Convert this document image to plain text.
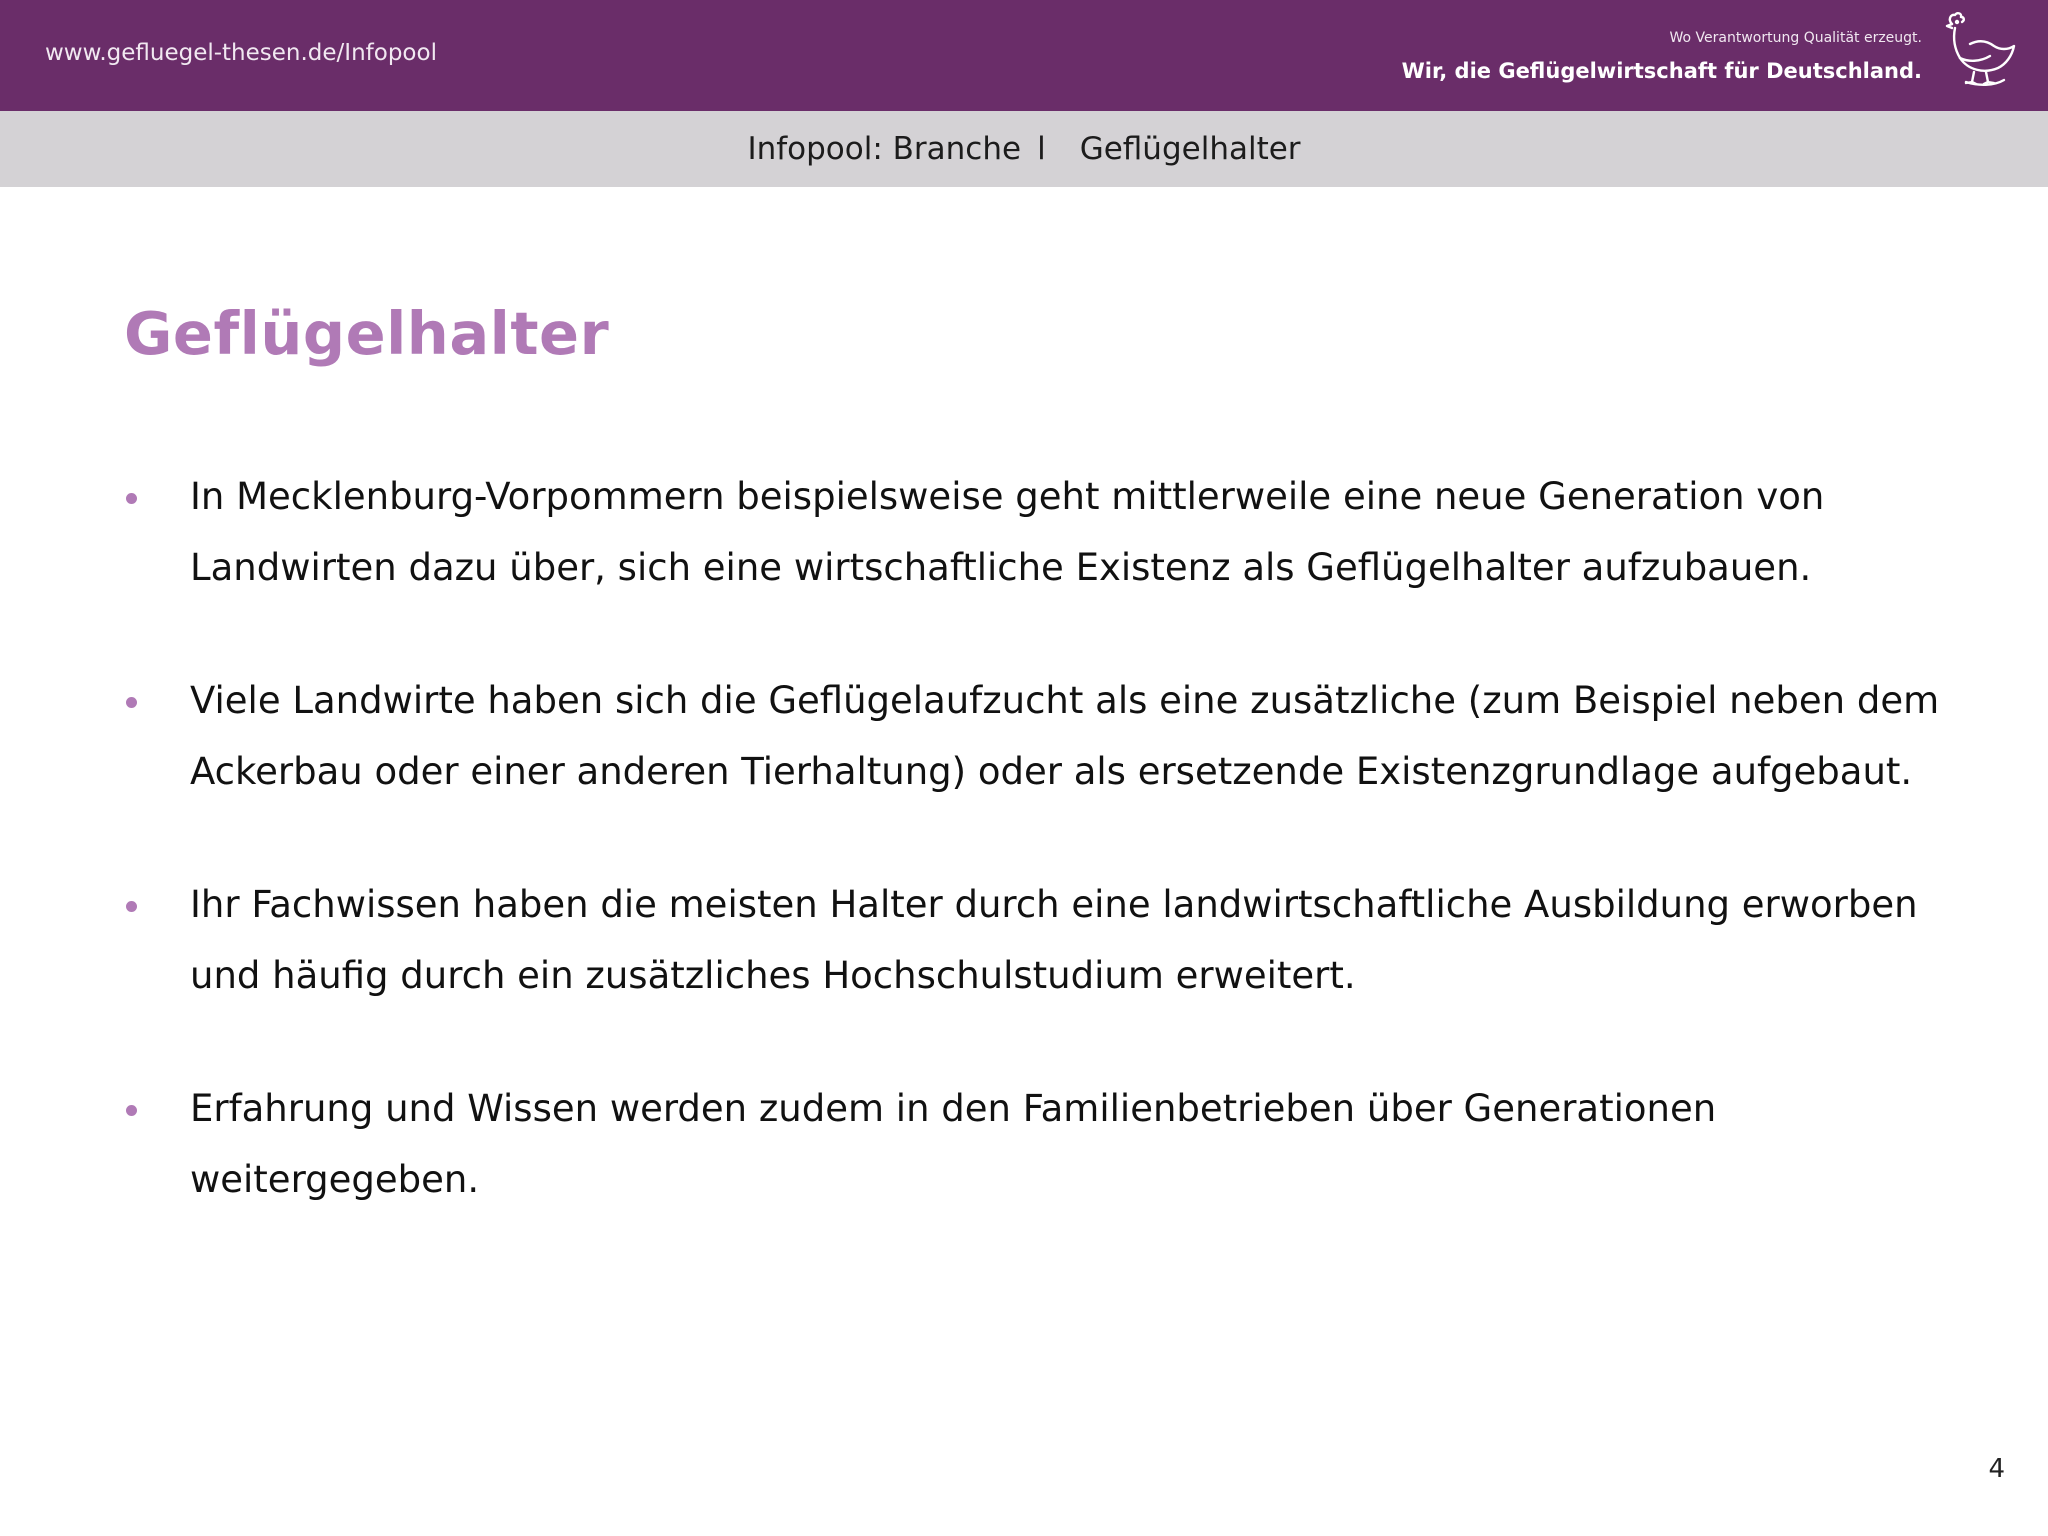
www.gefluegel-thesen.de/Infopool
Wo Verantwortung Qualität erzeugt.
Wir, die Geflügelwirtschaft für Deutschland.
Infopool: Branche l Geflügelhalter
Geflügelhalter
In Mecklenburg-Vorpommern beispielsweise geht mittlerweile eine neue Generation von
Landwirten dazu über, sich eine wirtschaftliche Existenz als Geflügelhalter aufzubauen.
Viele Landwirte haben sich die Geflügelaufzucht als eine zusätzliche (zum Beispiel neben dem
Ackerbau oder einer anderen Tierhaltung) oder als ersetzende Existenzgrundlage aufgebaut.
Ihr Fachwissen haben die meisten Halter durch eine landwirtschaftliche Ausbildung erworben
und häufig durch ein zusätzliches Hochschulstudium erweitert.
Erfahrung und Wissen werden zudem in den Familienbetrieben über Generationen
weitergegeben.
4
